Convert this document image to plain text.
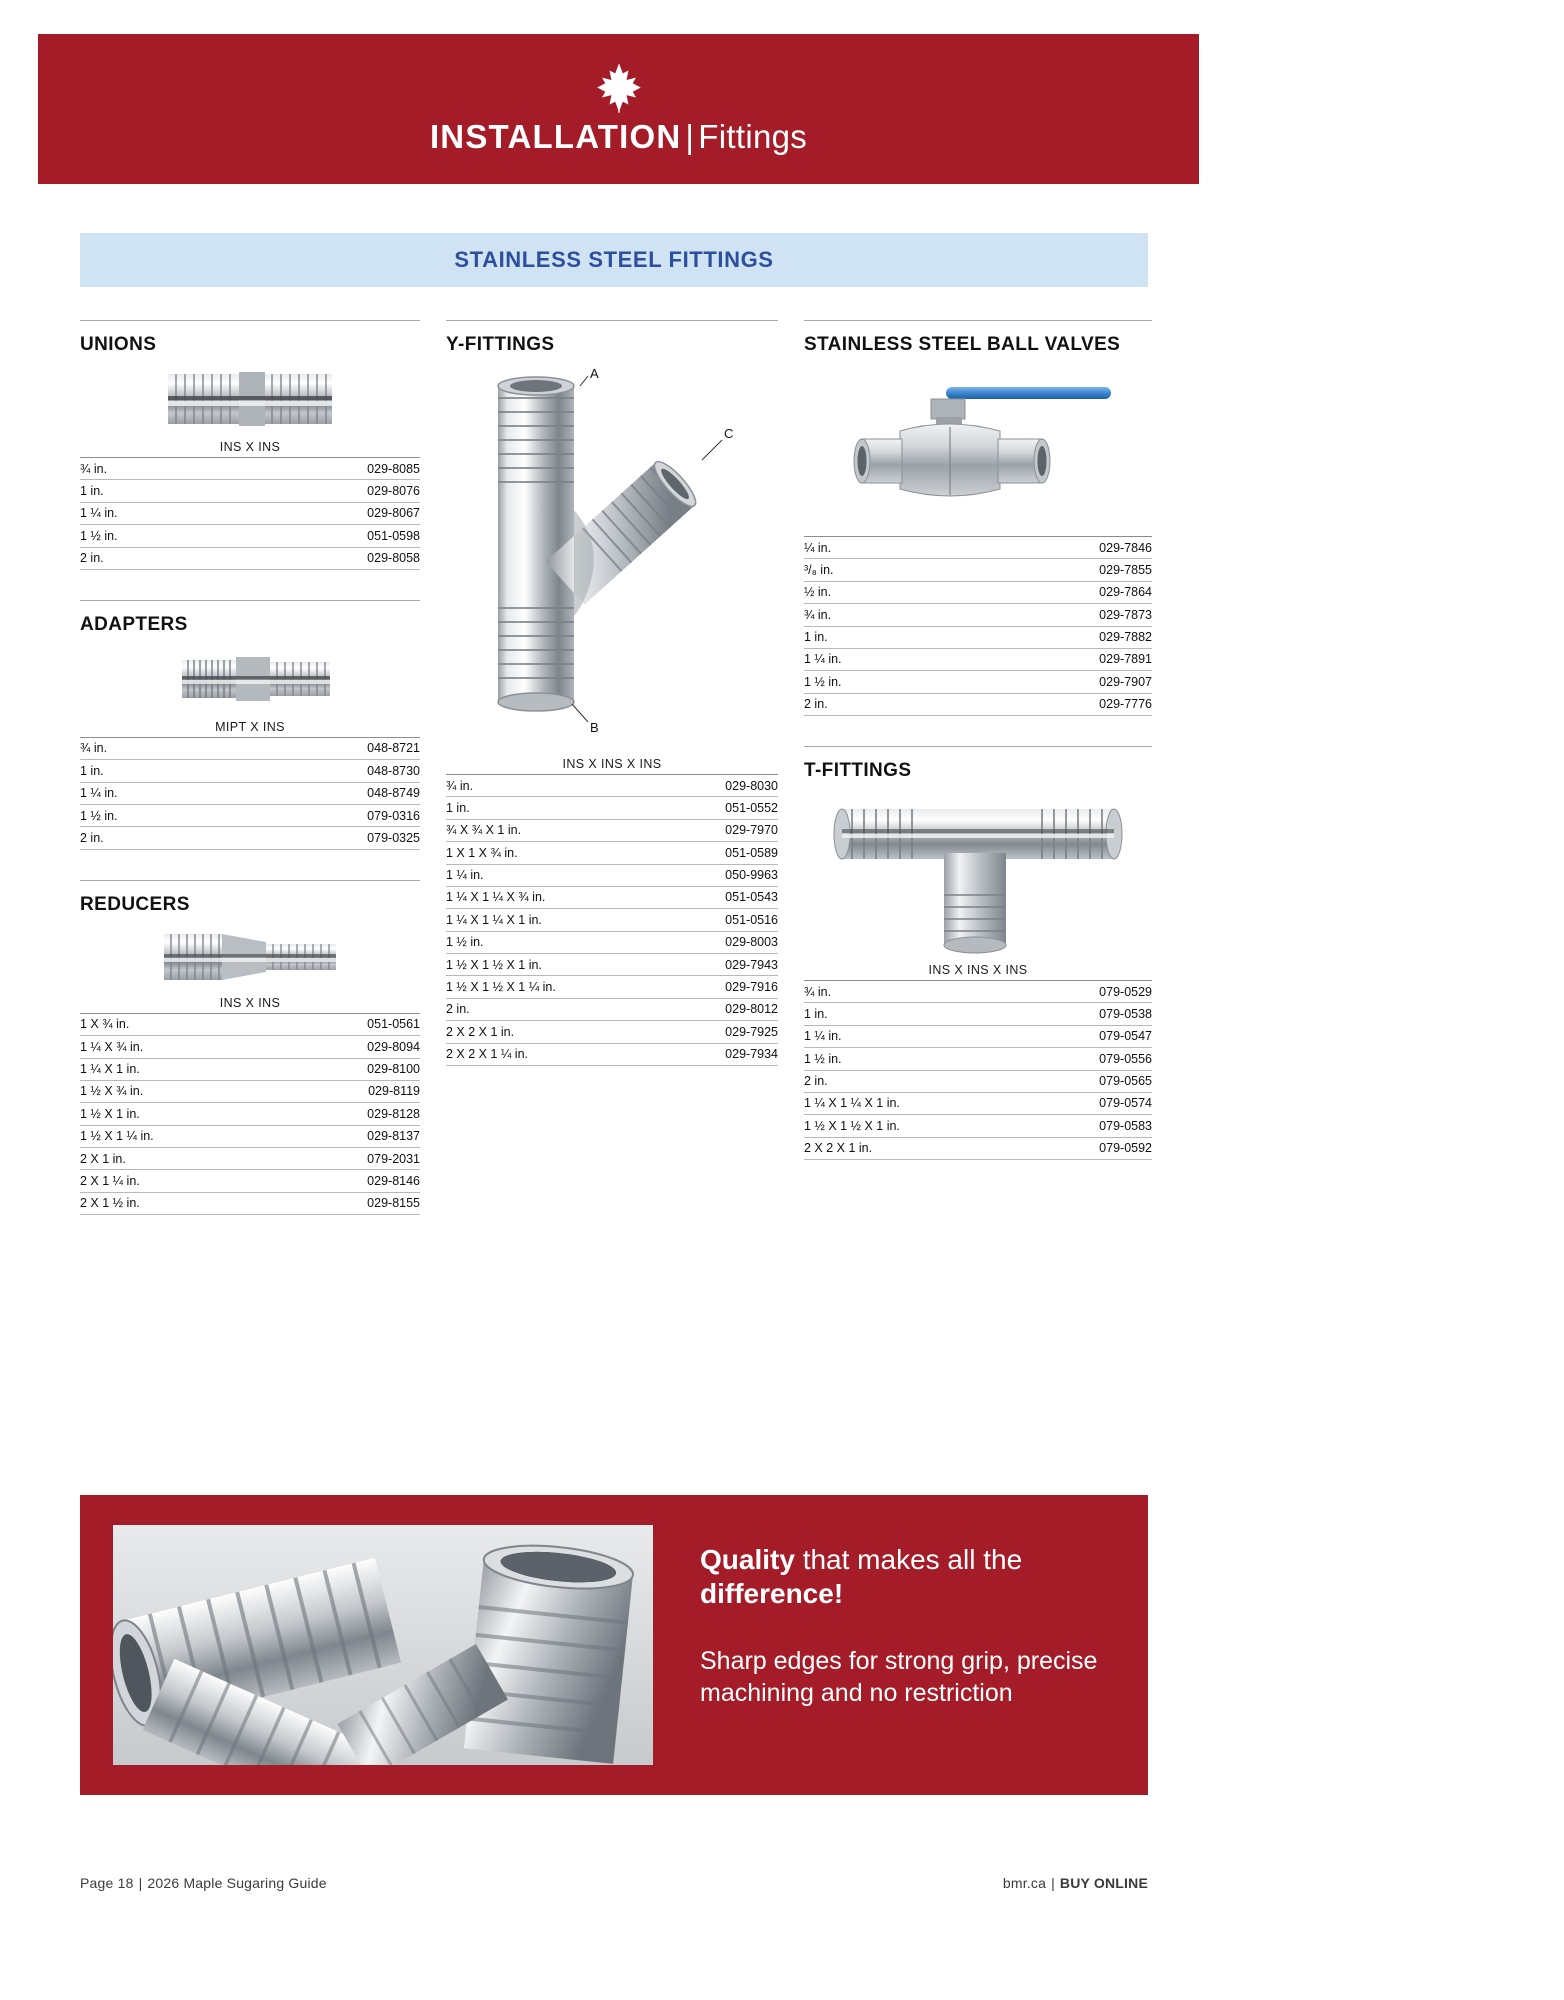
INSTALLATION | Fittings
STAINLESS STEEL FITTINGS
UNIONS
INS X INS
¾ in.	029-8085
1 in.	029-8076
1 ¼ in.	029-8067
1 ½ in.	051-0598
2 in.	029-8058
ADAPTERS
MIPT X INS
¾ in.	048-8721
1 in.	048-8730
1 ¼ in.	048-8749
1 ½ in.	079-0316
2 in.	079-0325
REDUCERS
INS X INS
1 X ¾ in.	051-0561
1 ¼ X ¾ in.	029-8094
1 ¼ X 1 in.	029-8100
1 ½ X ¾ in.	029-8119
1 ½ X 1 in.	029-8128
1 ½ X 1 ¼ in.	029-8137
2 X 1 in.	079-2031
2 X 1 ¼ in.	029-8146
2 X 1 ½ in.	029-8155
Y-FITTINGS
A
B
C
INS X INS X INS
¾ in.	029-8030
1 in.	051-0552
¾ X ¾ X 1 in.	029-7970
1 X 1 X ¾ in.	051-0589
1 ¼ in.	050-9963
1 ¼ X 1 ¼ X ¾ in.	051-0543
1 ¼ X 1 ¼ X 1 in.	051-0516
1 ½ in.	029-8003
1 ½ X 1 ½ X 1 in.	029-7943
1 ½ X 1 ½ X 1 ¼ in.	029-7916
2 in.	029-8012
2 X 2 X 1 in.	029-7925
2 X 2 X 1 ¼ in.	029-7934
STAINLESS STEEL BALL VALVES
¼ in.	029-7846
³/₈ in.	029-7855
½ in.	029-7864
¾ in.	029-7873
1 in.	029-7882
1 ¼ in.	029-7891
1 ½ in.	029-7907
2 in.	029-7776
T-FITTINGS
INS X INS X INS
¾ in.	079-0529
1 in.	079-0538
1 ¼ in.	079-0547
1 ½ in.	079-0556
2 in.	079-0565
1 ¼ X 1 ¼ X 1 in.	079-0574
1 ½ X 1 ½ X 1 in.	079-0583
2 X 2 X 1 in.	079-0592
Quality that makes all the difference!
Sharp edges for strong grip, precise machining and no restriction
Page 18 | 2026 Maple Sugaring Guide	bmr.ca | BUY ONLINE
